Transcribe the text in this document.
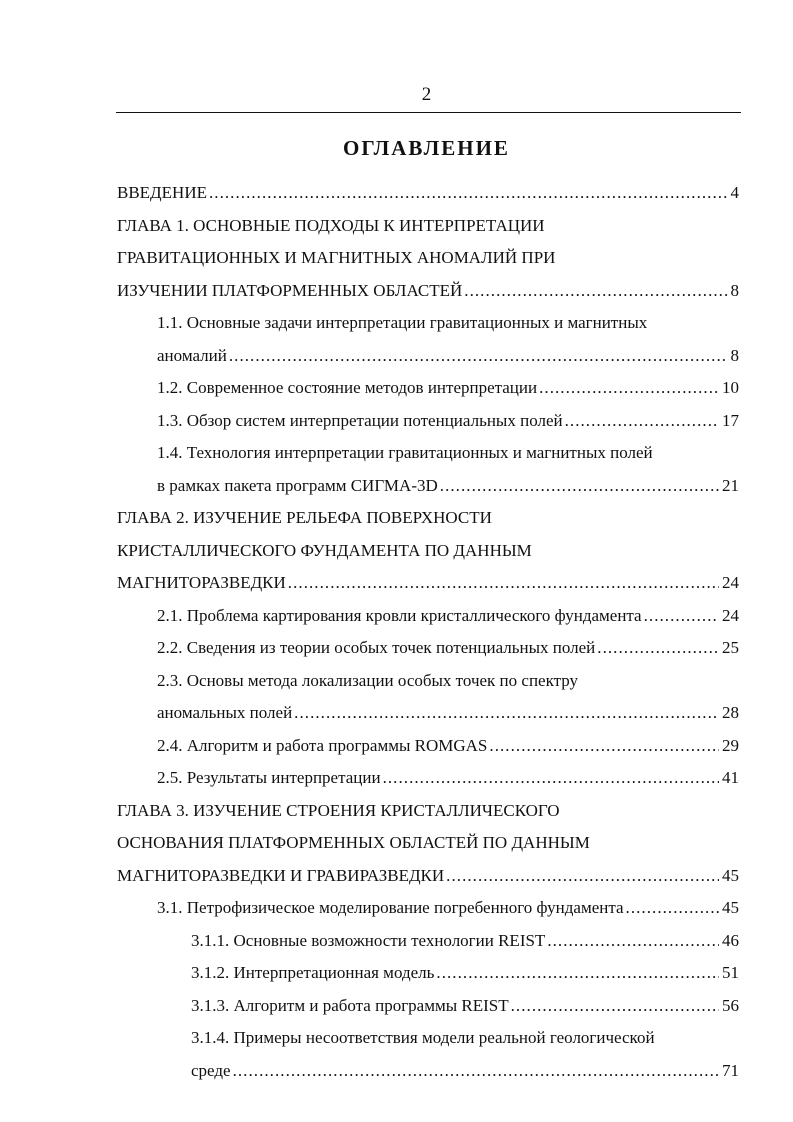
2
ОГЛАВЛЕНИЕ
ВВЕДЕНИЕ . . .	4
ГЛАВА 1. ОСНОВНЫЕ ПОДХОДЫ К ИНТЕРПРЕТАЦИИ
ГРАВИТАЦИОННЫХ И МАГНИТНЫХ АНОМАЛИЙ ПРИ
ИЗУЧЕНИИ ПЛАТФОРМЕННЫХ ОБЛАСТЕЙ . . .	8
1.1. Основные задачи интерпретации гравитационных и магнитных
аномалий . . .	8
1.2. Современное состояние методов интерпретации . . .	10
1.3. Обзор систем интерпретации потенциальных полей . . .	17
1.4. Технология интерпретации гравитационных и магнитных полей
в рамках пакета программ СИГМА-3D . . .	21
ГЛАВА 2. ИЗУЧЕНИЕ РЕЛЬЕФА ПОВЕРХНОСТИ
КРИСТАЛЛИЧЕСКОГО ФУНДАМЕНТА ПО ДАННЫМ
МАГНИТОРАЗВЕДКИ . . .	24
2.1. Проблема картирования кровли кристаллического фундамента . . .	24
2.2. Сведения из теории особых точек потенциальных полей . . .	25
2.3. Основы метода локализации особых точек по спектру
аномальных полей . . .	28
2.4. Алгоритм и работа программы ROMGAS . . .	29
2.5. Результаты интерпретации . . .	41
ГЛАВА 3. ИЗУЧЕНИЕ СТРОЕНИЯ КРИСТАЛЛИЧЕСКОГО
ОСНОВАНИЯ ПЛАТФОРМЕННЫХ ОБЛАСТЕЙ ПО ДАННЫМ
МАГНИТОРАЗВЕДКИ И ГРАВИРАЗВЕДКИ . . .	45
3.1. Петрофизическое моделирование погребенного фундамента . . .	45
3.1.1. Основные возможности технологии REIST . . .	46
3.1.2. Интерпретационная модель . . .	51
3.1.3. Алгоритм и работа программы REIST . . .	56
3.1.4. Примеры несоответствия модели реальной геологической
среде . . .	71
